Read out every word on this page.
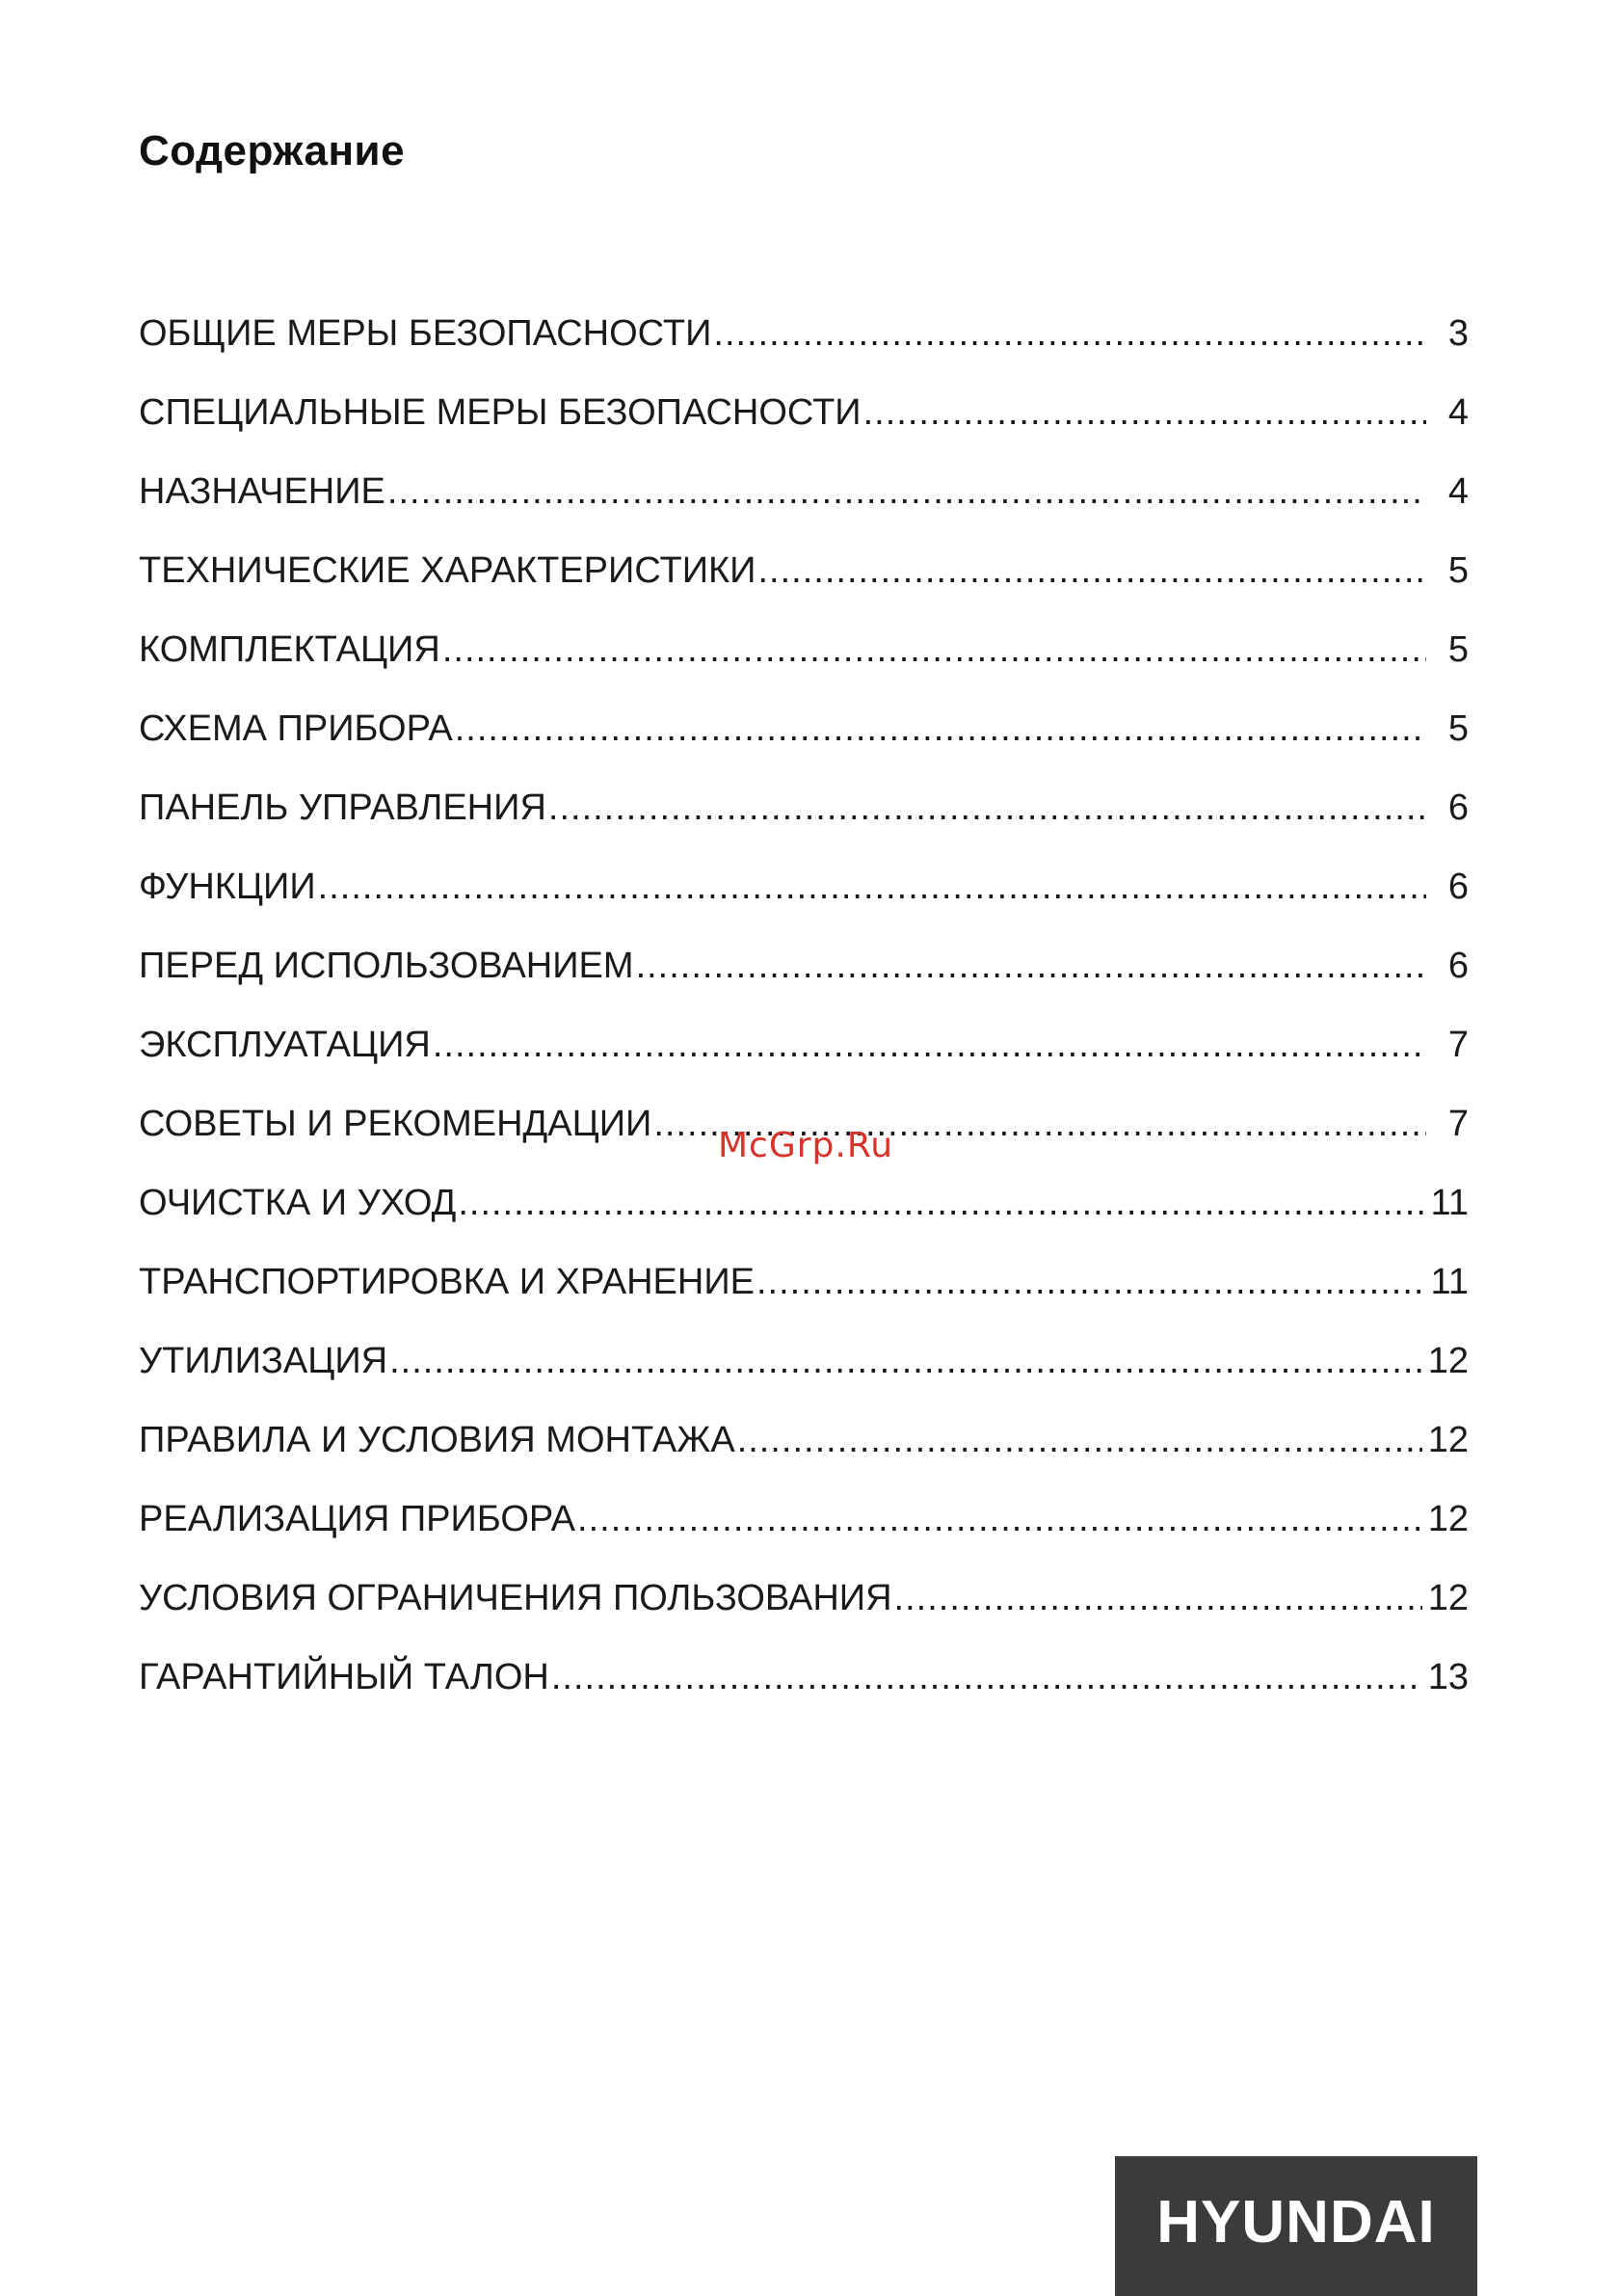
Содержание
ОБЩИЕ МЕРЫ БЕЗОПАСНОСТИ .....	3
СПЕЦИАЛЬНЫЕ МЕРЫ БЕЗОПАСНОСТИ .....	4
НАЗНАЧЕНИЕ .....	4
ТЕХНИЧЕСКИЕ ХАРАКТЕРИСТИКИ .....	5
КОМПЛЕКТАЦИЯ .....	5
СХЕМА ПРИБОРА .....	5
ПАНЕЛЬ УПРАВЛЕНИЯ .....	6
ФУНКЦИИ .....	6
ПЕРЕД ИСПОЛЬЗОВАНИЕМ .....	6
ЭКСПЛУАТАЦИЯ .....	7
СОВЕТЫ И РЕКОМЕНДАЦИИ .....	7
ОЧИСТКА И УХОД .....	11
ТРАНСПОРТИРОВКА И ХРАНЕНИЕ .....	11
УТИЛИЗАЦИЯ .....	12
ПРАВИЛА И УСЛОВИЯ МОНТАЖА .....	12
РЕАЛИЗАЦИЯ ПРИБОРА .....	12
УСЛОВИЯ ОГРАНИЧЕНИЯ ПОЛЬЗОВАНИЯ .....	12
ГАРАНТИЙНЫЙ ТАЛОН .....	13
McGrp.Ru
HYUNDAI
